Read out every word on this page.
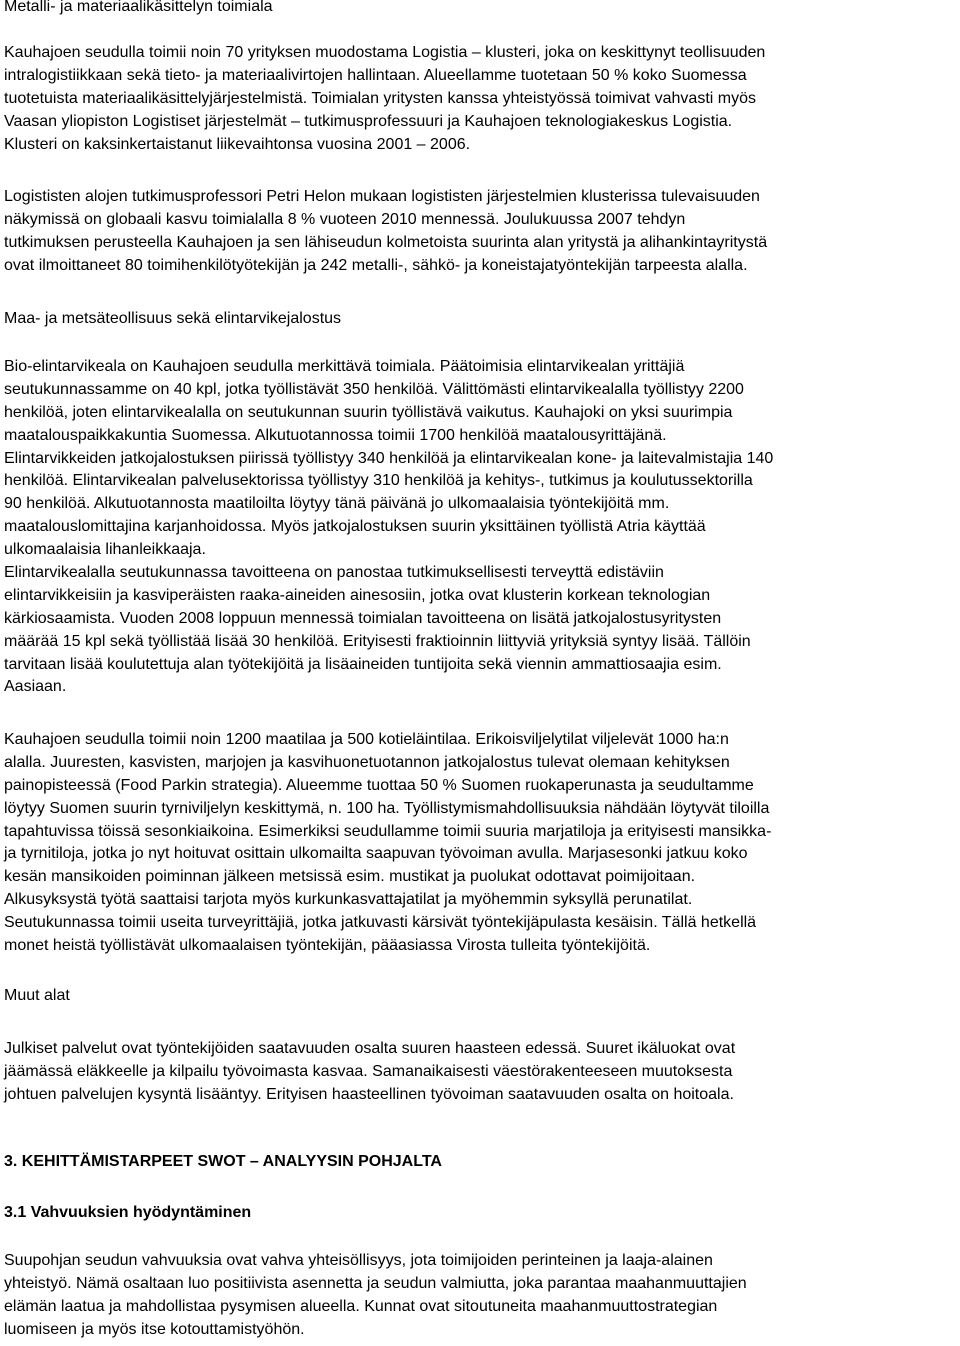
Metalli- ja materiaalikäsittelyn toimiala
Kauhajoen seudulla toimii noin 70 yrityksen muodostama Logistia – klusteri, joka on keskittynyt teollisuuden
intralogistiikkaan sekä tieto- ja materiaalivirtojen hallintaan. Alueellamme tuotetaan 50 % koko Suomessa
tuotetuista materiaalikäsittelyjärjestelmistä. Toimialan yritysten kanssa yhteistyössä toimivat vahvasti myös
Vaasan yliopiston Logistiset järjestelmät – tutkimusprofessuuri ja Kauhajoen teknologiakeskus Logistia.
Klusteri on kaksinkertaistanut liikevaihtonsa vuosina 2001 – 2006.
Logististen alojen tutkimusprofessori Petri Helon mukaan logististen järjestelmien klusterissa tulevaisuuden
näkymissä on globaali kasvu toimialalla 8 % vuoteen 2010 mennessä. Joulukuussa 2007 tehdyn
tutkimuksen perusteella Kauhajoen ja sen lähiseudun kolmetoista suurinta alan yritystä ja alihankintayritystä
ovat ilmoittaneet 80 toimihenkilötyötekijän ja 242 metalli-, sähkö- ja koneistajatyöntekijän tarpeesta alalla.
Maa- ja metsäteollisuus sekä elintarvikejalostus
Bio-elintarvikeala on Kauhajoen seudulla merkittävä toimiala. Päätoimisia elintarvikealan yrittäjiä
seutukunnassamme on 40 kpl, jotka työllistävät 350 henkilöä. Välittömästi elintarvikealalla työllistyy 2200
henkilöä, joten elintarvikealalla on seutukunnan suurin työllistävä vaikutus. Kauhajoki on yksi suurimpia
maatalouspaikkakuntia Suomessa. Alkutuotannossa toimii 1700 henkilöä maatalousyrittäjänä.
Elintarvikkeiden jatkojalostuksen piirissä työllistyy 340 henkilöä ja elintarvikealan kone- ja laitevalmistajia 140
henkilöä. Elintarvikealan palvelusektorissa työllistyy 310 henkilöä ja kehitys-, tutkimus ja koulutussektorilla
90 henkilöä. Alkutuotannosta maatiloilta löytyy tänä päivänä jo ulkomaalaisia työntekijöitä mm.
maatalouslomittajina karjanhoidossa. Myös jatkojalostuksen suurin yksittäinen työllistä Atria käyttää
ulkomaalaisia lihanleikkaaja.
Elintarvikealalla seutukunnassa tavoitteena on panostaa tutkimuksellisesti terveyttä edistäviin
elintarvikkeisiin ja kasviperäisten raaka-aineiden ainesosiin, jotka ovat klusterin korkean teknologian
kärkiosaamista. Vuoden 2008 loppuun mennessä toimialan tavoitteena on lisätä jatkojalostusyritysten
määrää 15 kpl sekä työllistää lisää 30 henkilöä. Erityisesti fraktioinnin liittyviä yrityksiä syntyy lisää. Tällöin
tarvitaan lisää koulutettuja alan työtekijöitä ja lisäaineiden tuntijoita sekä viennin ammattiosaajia esim.
Aasiaan.
Kauhajoen seudulla toimii noin 1200 maatilaa ja 500 kotieläintilaa. Erikoisviljelytilat viljelevät 1000 ha:n
alalla. Juuresten, kasvisten, marjojen ja kasvihuonetuotannon jatkojalostus tulevat olemaan kehityksen
painopisteessä (Food Parkin strategia). Alueemme tuottaa 50 % Suomen ruokaperunasta ja seudultamme
löytyy Suomen suurin tyrniviljelyn keskittymä, n. 100 ha. Työllistymismahdollisuuksia nähdään löytyvät tiloilla
tapahtuvissa töissä sesonkiaikoina. Esimerkiksi seudullamme toimii suuria marjatiloja ja erityisesti mansikka-
ja tyrnitiloja, jotka jo nyt hoituvat osittain ulkomailta saapuvan työvoiman avulla. Marjasesonki jatkuu koko
kesän mansikoiden poiminnan jälkeen metsissä esim. mustikat ja puolukat odottavat poimijoitaan.
Alkusyksystä työtä saattaisi tarjota myös kurkunkasvattajatilat ja myöhemmin syksyllä perunatilat.
Seutukunnassa toimii useita turveyrittäjiä, jotka jatkuvasti kärsivät työntekijäpulasta kesäisin. Tällä hetkellä
monet heistä työllistävät ulkomaalaisen työntekijän, pääasiassa Virosta tulleita työntekijöitä.
Muut alat
Julkiset palvelut ovat työntekijöiden saatavuuden osalta suuren haasteen edessä. Suuret ikäluokat ovat
jäämässä eläkkeelle ja kilpailu työvoimasta kasvaa. Samanaikaisesti väestörakenteeseen muutoksesta
johtuen palvelujen kysyntä lisääntyy. Erityisen haasteellinen työvoiman saatavuuden osalta on hoitoala.
3. KEHITTÄMISTARPEET SWOT – ANALYYSIN POHJALTA
3.1 Vahvuuksien hyödyntäminen
Suupohjan seudun vahvuuksia ovat vahva yhteisöllisyys, jota toimijoiden perinteinen ja laaja-alainen
yhteistyö. Nämä osaltaan luo positiivista asennetta ja seudun valmiutta, joka parantaa maahanmuuttajien
elämän laatua ja mahdollistaa pysymisen alueella. Kunnat ovat sitoutuneita maahanmuuttostrategian
luomiseen ja myös itse kotouttamistyöhön.
